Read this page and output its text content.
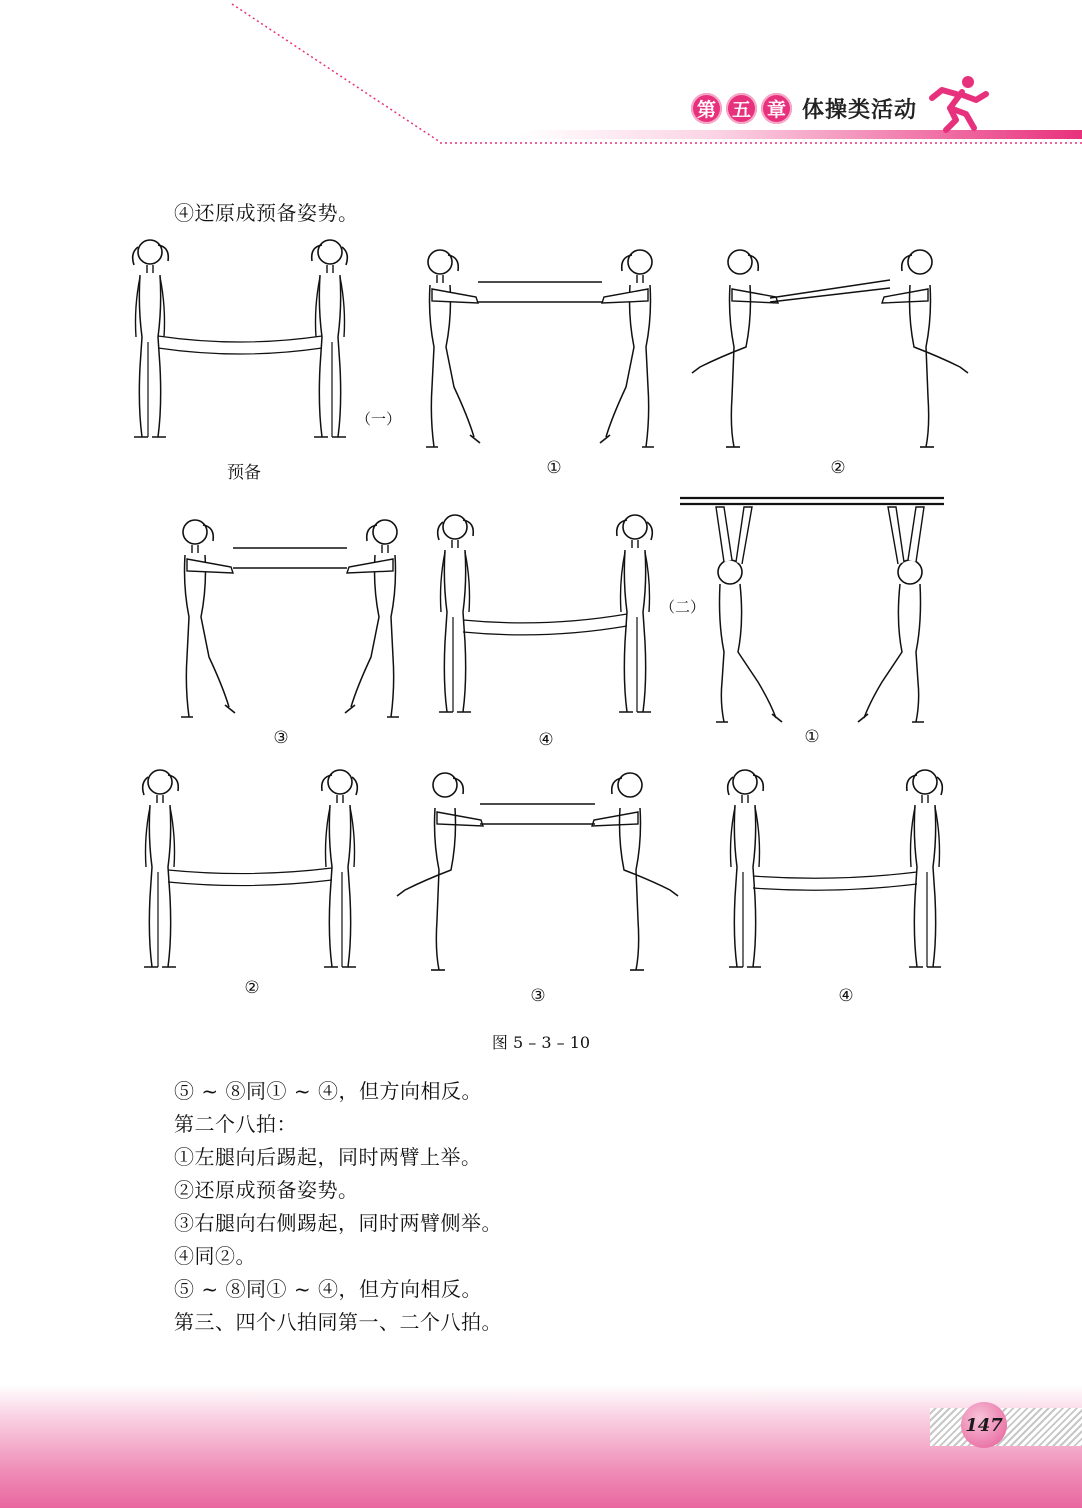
第 五 章 体操类活动
④还原成预备姿势。
（一）
（二）
预备	①	②
③	④	①
②	③	④
图 5 – 3 – 10
⑤ ~ ⑧同① ~ ④，但方向相反。
第二个八拍：
①左腿向后踢起，同时两臂上举。
②还原成预备姿势。
③右腿向右侧踢起，同时两臂侧举。
④同②。
⑤ ~ ⑧同① ~ ④，但方向相反。
第三、四个八拍同第一、二个八拍。
147
